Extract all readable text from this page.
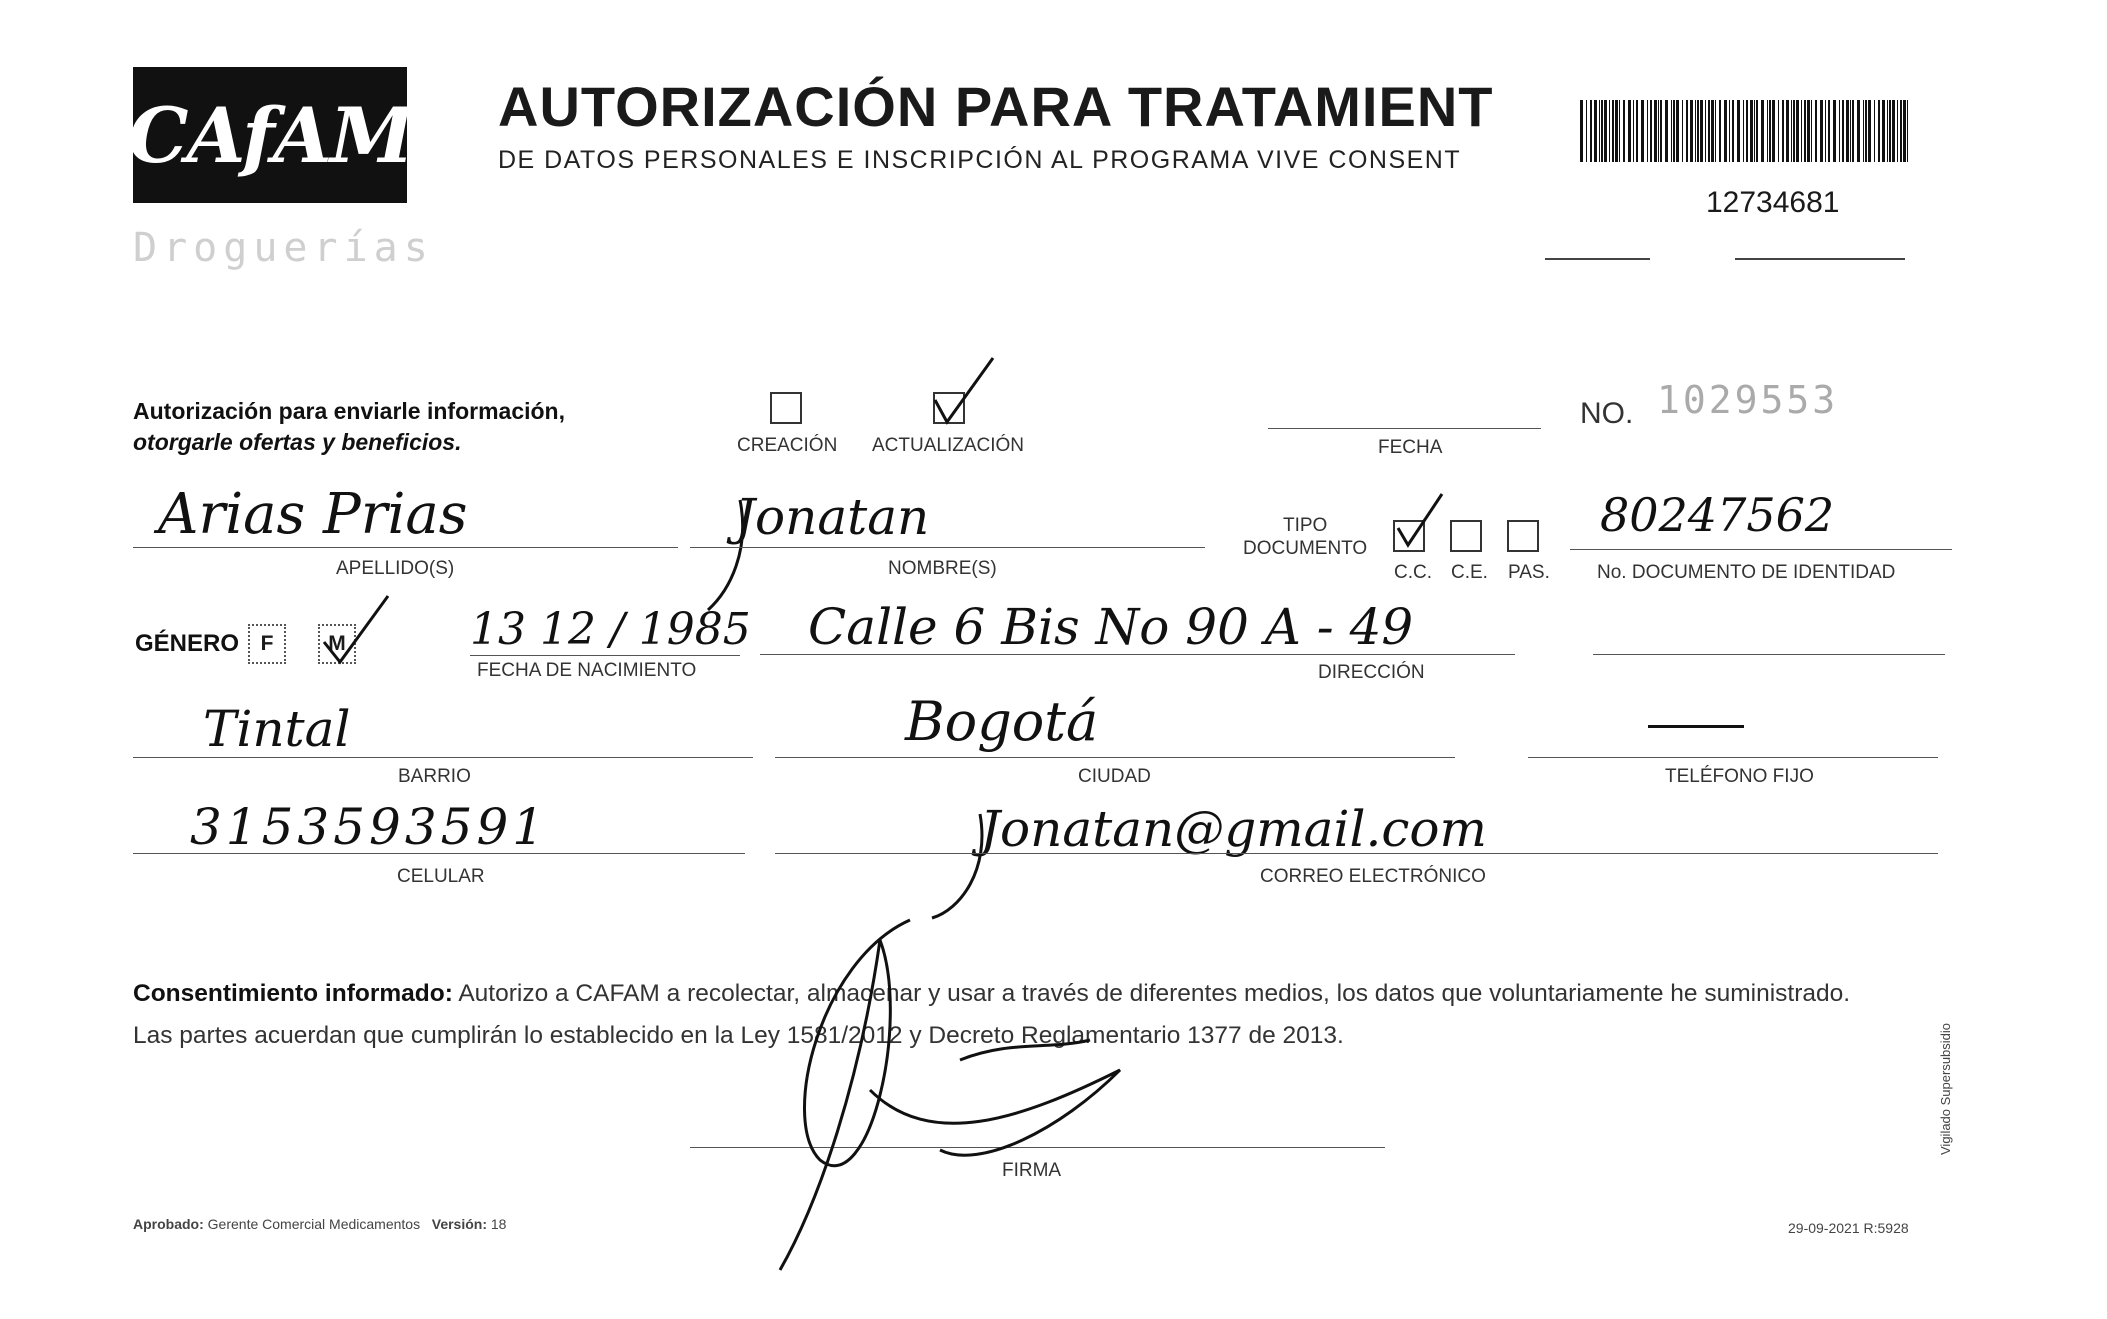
CAfAM
Droguerías
AUTORIZACIÓN PARA TRATAMIENT
DE DATOS PERSONALES E INSCRIPCIÓN AL PROGRAMA VIVE CONSENT
12734681
Autorización para enviarle información,
otorgarle ofertas y beneficios.	CREACIÓN ACTUALIZACIÓN	FECHA
NO. 1029553
Arias Prias
APELLIDO(S)
Jonatan
NOMBRE(S)
TIPO
DOCUMENTO
C.C. C.E. PAS.
80247562
No. DOCUMENTO DE IDENTIDAD
GÉNERO	F	M	13 12 / 1985
FECHA DE NACIMIENTO
Calle 6 Bis No 90 A - 49
DIRECCIÓN
Tintal
BARRIO
Bogotá
CIUDAD	TELÉFONO FIJO
3153593591
CELULAR
Jonatan@gmail.com
CORREO ELECTRÓNICO
Consentimiento informado: Autorizo a CAFAM a recolectar, almacenar y usar a través de diferentes medios, los datos que voluntariamente he suministrado.
Las partes acuerdan que cumplirán lo establecido en la Ley 1581/2012 y Decreto Reglamentario 1377 de 2013.
FIRMA
Aprobado: Gerente Comercial Medicamentos Versión: 18	29-09-2021 R:5928
Vigilado Supersubsidio
